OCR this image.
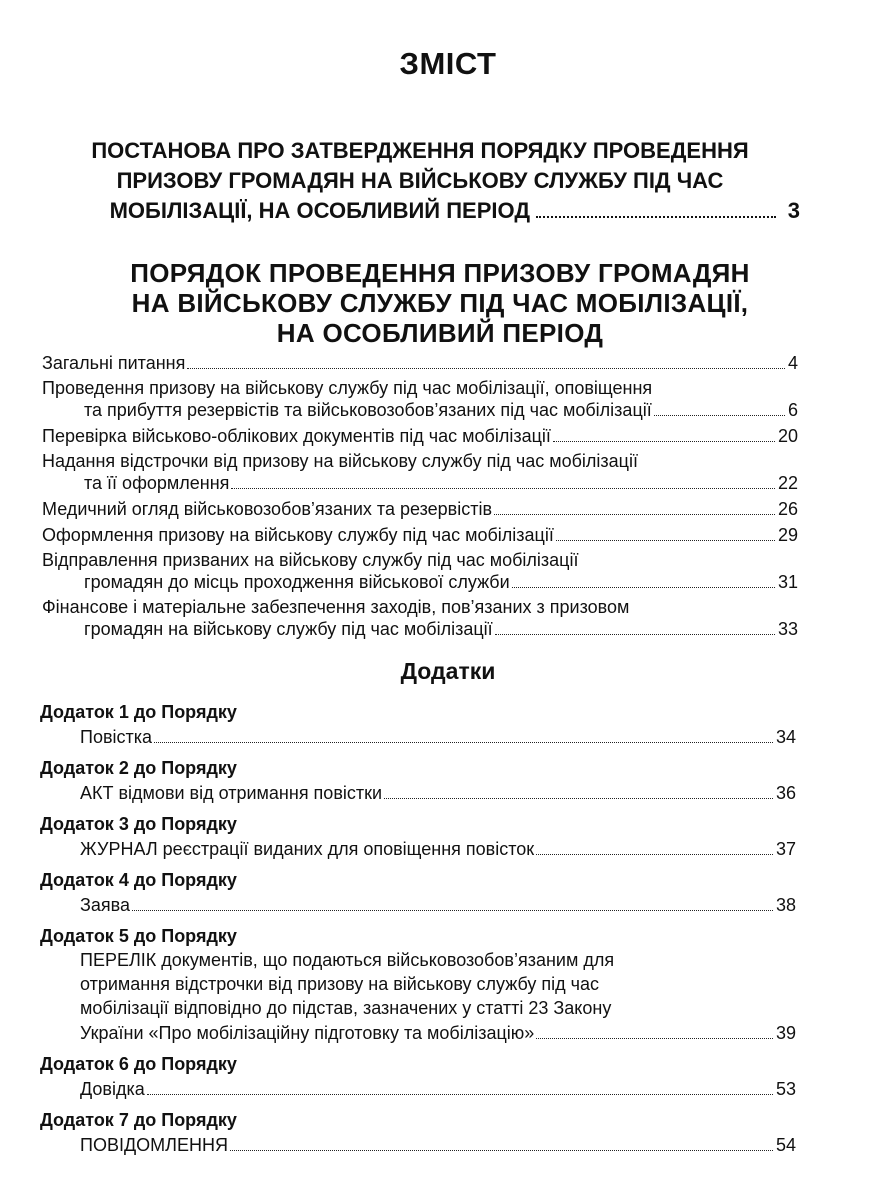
ЗМІСТ
ПОСТАНОВА ПРО ЗАТВЕРДЖЕННЯ ПОРЯДКУ ПРОВЕДЕННЯ
ПРИЗОВУ ГРОМАДЯН НА ВІЙСЬКОВУ СЛУЖБУ ПІД ЧАС
МОБІЛІЗАЦІЇ, НА ОСОБЛИВИЙ ПЕРІОД	3
ПОРЯДОК ПРОВЕДЕННЯ ПРИЗОВУ ГРОМАДЯН
НА ВІЙСЬКОВУ СЛУЖБУ ПІД ЧАС МОБІЛІЗАЦІЇ,
НА ОСОБЛИВИЙ ПЕРІОД
Загальні питання	4
Проведення призову на військову службу під час мобілізації, оповіщення
та прибуття резервістів та військовозобов’язаних під час мобілізації	6
Перевірка військово-облікових документів під час мобілізації	20
Надання відстрочки від призову на військову службу під час мобілізації
та її оформлення	22
Медичний огляд військовозобов’язаних та резервістів	26
Оформлення призову на військову службу під час мобілізації	29
Відправлення призваних на військову службу під час мобілізації
громадян до місць проходження військової служби	31
Фінансове і матеріальне забезпечення заходів, пов’язаних з призовом
громадян на військову службу під час мобілізації	33
Додатки
Додаток 1 до Порядку
Повістка	34
Додаток 2 до Порядку
АКТ відмови від отримання повістки	36
Додаток 3 до Порядку
ЖУРНАЛ реєстрації виданих для оповіщення повісток	37
Додаток 4 до Порядку
Заява	38
Додаток 5 до Порядку
ПЕРЕЛІК документів, що подаються військовозобов’язаним для
отримання відстрочки від призову на військову службу під час
мобілізації відповідно до підстав, зазначених у статті 23 Закону
України «Про мобілізаційну підготовку та мобілізацію»	39
Додаток 6 до Порядку
Довідка	53
Додаток 7 до Порядку
ПОВІДОМЛЕННЯ	54
